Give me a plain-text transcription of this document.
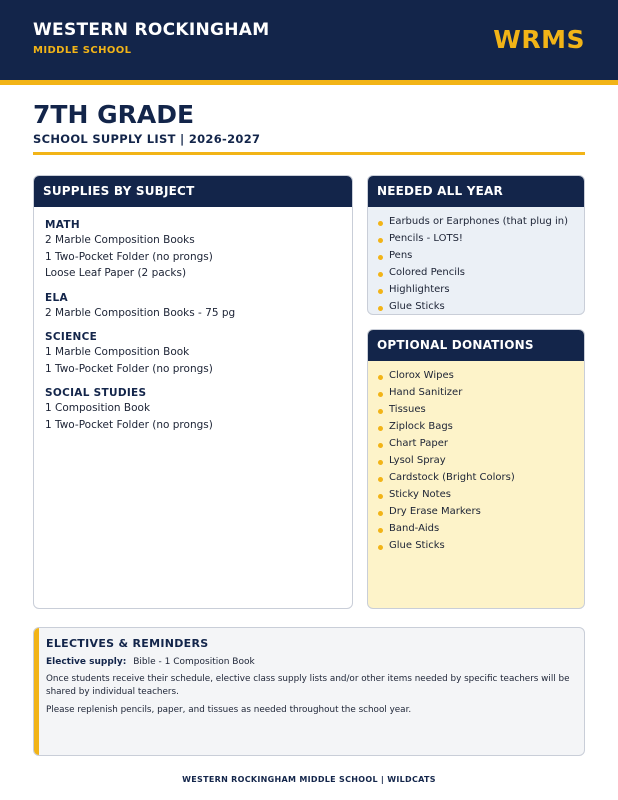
WESTERN ROCKINGHAM
MIDDLE SCHOOL	WRMS
7TH GRADE
SCHOOL SUPPLY LIST | 2026-2027
SUPPLIES BY SUBJECT
MATH
2 Marble Composition Books
1 Two-Pocket Folder (no prongs)
Loose Leaf Paper (2 packs)
ELA
2 Marble Composition Books - 75 pg
SCIENCE
1 Marble Composition Book
1 Two-Pocket Folder (no prongs)
SOCIAL STUDIES
1 Composition Book
1 Two-Pocket Folder (no prongs)
NEEDED ALL YEAR
Earbuds or Earphones (that plug in)
Pencils - LOTS!
Pens
Colored Pencils
Highlighters
Glue Sticks
OPTIONAL DONATIONS
Clorox Wipes
Hand Sanitizer
Tissues
Ziplock Bags
Chart Paper
Lysol Spray
Cardstock (Bright Colors)
Sticky Notes
Dry Erase Markers
Band-Aids
Glue Sticks
ELECTIVES & REMINDERS
Elective supply: Bible - 1 Composition Book
Once students receive their schedule, elective class supply lists and/or other items needed by specific teachers will be shared by individual teachers.
Please replenish pencils, paper, and tissues as needed throughout the school year.
WESTERN ROCKINGHAM MIDDLE SCHOOL | WILDCATS
